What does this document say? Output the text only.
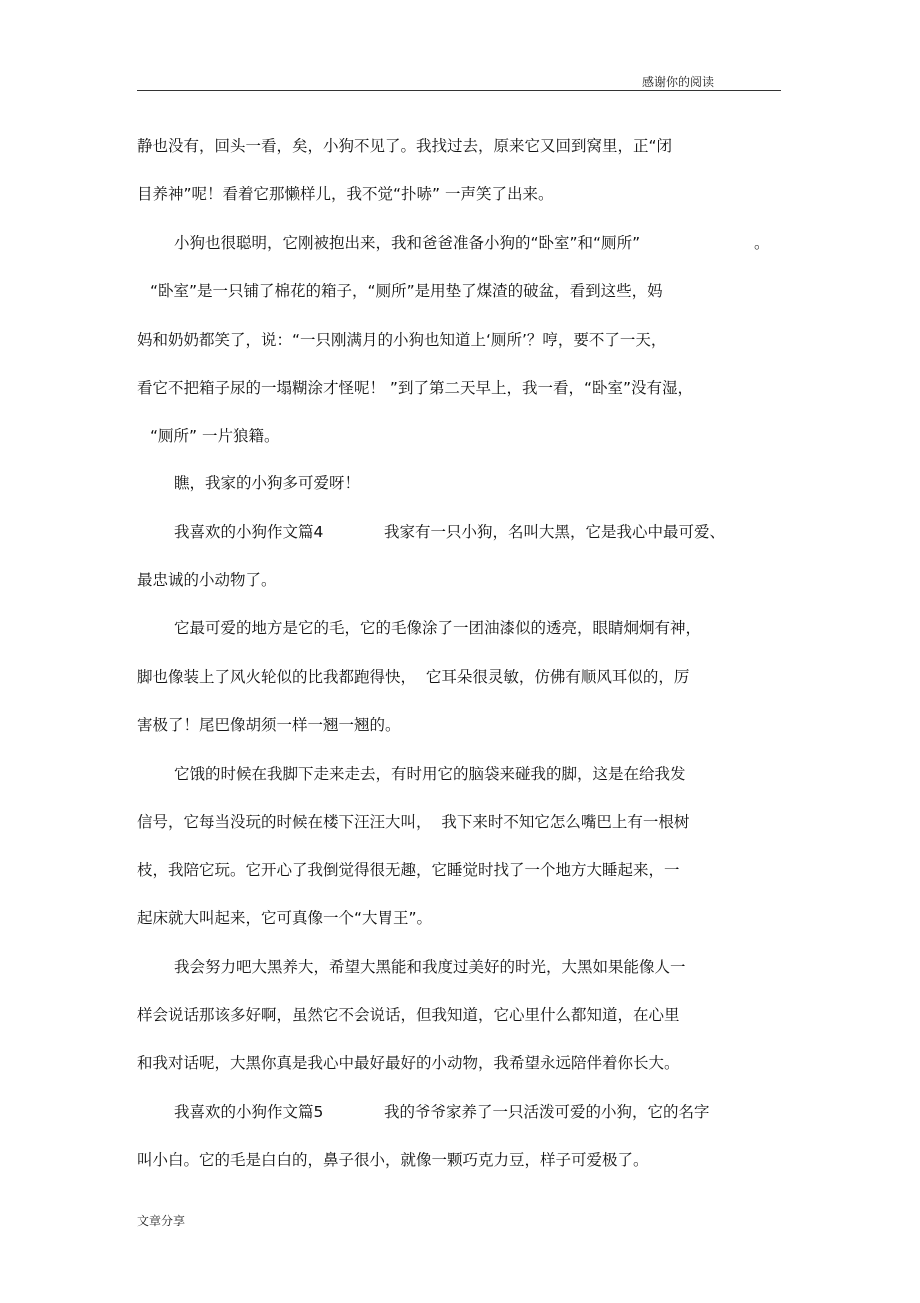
感谢你的阅读
静也没有，回头一看，矣，小狗不见了。我找过去，原来它又回到窝里，正“闭
目养神”呢！看着它那懒样儿，我不觉“扑哧” 一声笑了出来。
小狗也很聪明，它刚被抱出来，我和爸爸准备小狗的“卧室”和“厕所”	。
“卧室”是一只铺了棉花的箱子，“厕所”是用垫了煤渣的破盆，看到这些，妈
妈和奶奶都笑了，说：“一只刚满月的小狗也知道上‘厕所’？哼，要不了一天，
看它不把箱子尿的一塌糊涂才怪呢！ ”到了第二天早上，我一看，“卧室”没有湿，
“厕所” 一片狼籍。
瞧，我家的小狗多可爱呀！
我喜欢的小狗作文篇4	我家有一只小狗，名叫大黑，它是我心中最可爱、
最忠诚的小动物了。
它最可爱的地方是它的毛，它的毛像涂了一团油漆似的透亮，眼睛炯炯有神，
脚也像装上了风火轮似的比我都跑得快，  它耳朵很灵敏，仿佛有顺风耳似的，厉
害极了！尾巴像胡须一样一翘一翘的。
它饿的时候在我脚下走来走去，有时用它的脑袋来碰我的脚，这是在给我发
信号，它每当没玩的时候在楼下汪汪大叫，  我下来时不知它怎么嘴巴上有一根树
枝，我陪它玩。它开心了我倒觉得很无趣，它睡觉时找了一个地方大睡起来，一
起床就大叫起来，它可真像一个“大胃王”。
我会努力吧大黑养大，希望大黑能和我度过美好的时光，大黑如果能像人一
样会说话那该多好啊，虽然它不会说话，但我知道，它心里什么都知道，在心里
和我对话呢，大黑你真是我心中最好最好的小动物，我希望永远陪伴着你长大。
我喜欢的小狗作文篇5	我的爷爷家养了一只活泼可爱的小狗，它的名字
叫小白。它的毛是白白的，鼻子很小，就像一颗巧克力豆，样子可爱极了。
文章分享
